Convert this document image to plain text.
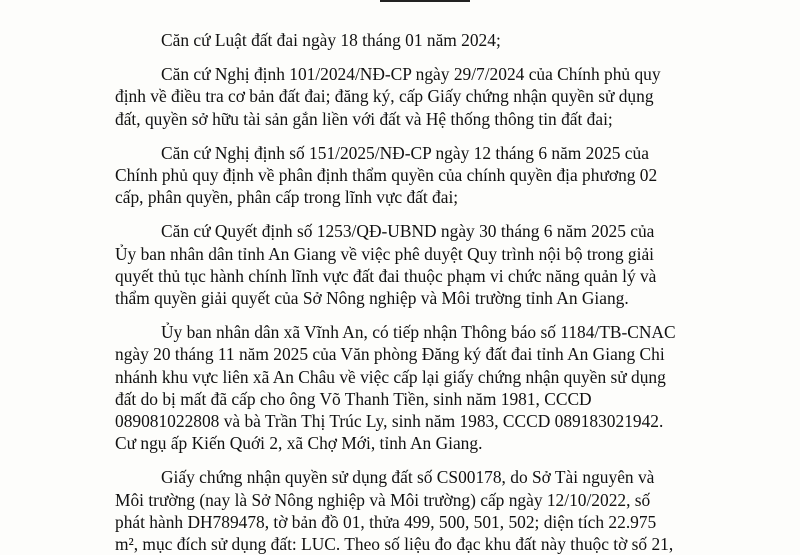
Căn cứ Luật đất đai ngày 18 tháng 01 năm 2024;

Căn cứ Nghị định 101/2024/NĐ-CP ngày 29/7/2024 của Chính phủ quy
định về điều tra cơ bản đất đai; đăng ký, cấp Giấy chứng nhận quyền sử dụng
đất, quyền sở hữu tài sản gắn liền với đất và Hệ thống thông tin đất đai;

Căn cứ Nghị định số 151/2025/NĐ-CP ngày 12 tháng 6 năm 2025 của
Chính phủ quy định về phân định thẩm quyền của chính quyền địa phương 02
cấp, phân quyền, phân cấp trong lĩnh vực đất đai;

Căn cứ Quyết định số 1253/QĐ-UBND ngày 30 tháng 6 năm 2025 của
Ủy ban nhân dân tỉnh An Giang về việc phê duyệt Quy trình nội bộ trong giải
quyết thủ tục hành chính lĩnh vực đất đai thuộc phạm vi chức năng quản lý và
thẩm quyền giải quyết của Sở Nông nghiệp và Môi trường tỉnh An Giang.

Ủy ban nhân dân xã Vĩnh An, có tiếp nhận Thông báo số 1184/TB-CNAC
ngày 20 tháng 11 năm 2025 của Văn phòng Đăng ký đất đai tỉnh An Giang Chi
nhánh khu vực liên xã An Châu về việc cấp lại giấy chứng nhận quyền sử dụng
đất do bị mất đã cấp cho ông Võ Thanh Tiền, sinh năm 1981, CCCD
089081022808 và bà Trần Thị Trúc Ly, sinh năm 1983, CCCD 089183021942.
Cư ngụ ấp Kiến Quới 2, xã Chợ Mới, tỉnh An Giang.

Giấy chứng nhận quyền sử dụng đất số CS00178, do Sở Tài nguyên và
Môi trường (nay là Sở Nông nghiệp và Môi trường) cấp ngày 12/10/2022, số
phát hành DH789478, tờ bản đồ 01, thửa 499, 500, 501, 502; diện tích 22.975
m², mục đích sử dụng đất: LUC. Theo số liệu đo đạc khu đất này thuộc tờ số 21,
